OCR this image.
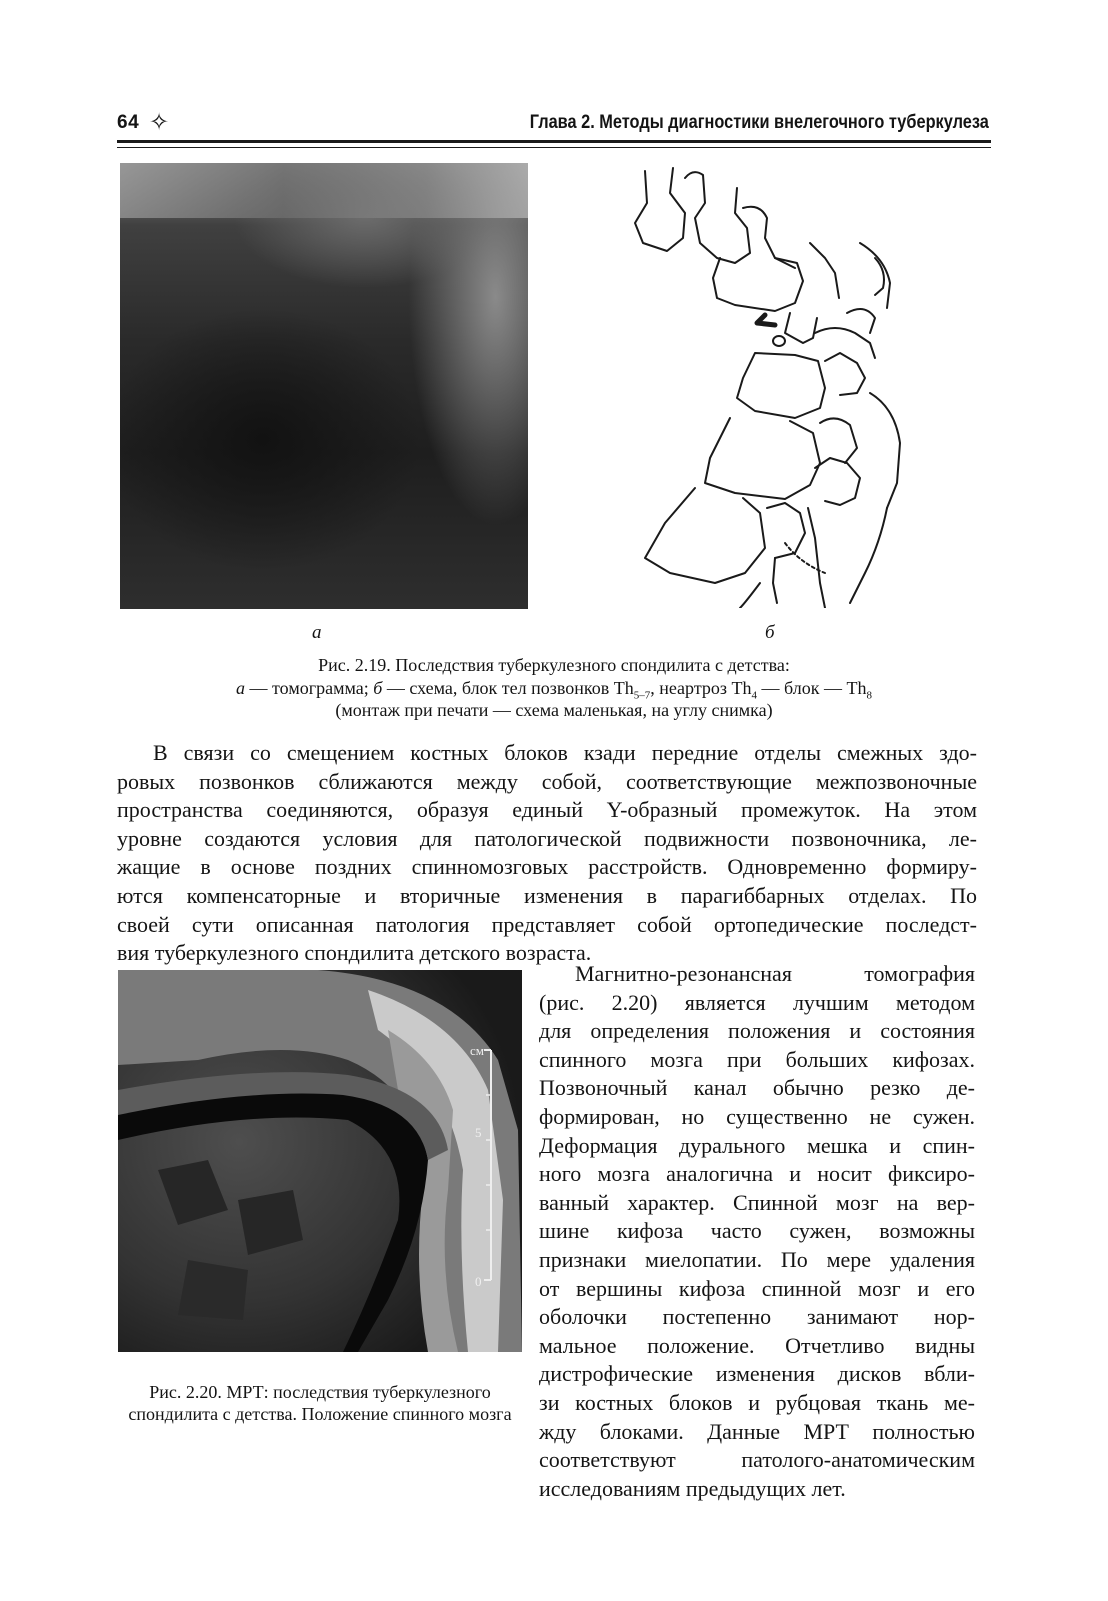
64 ✧	Глава 2. Методы диагностики внелегочного туберкулеза
а	б
Рис. 2.19. Последствия туберкулезного спондилита с детства:
а — томограмма; б — схема, блок тел позвонков $Th_{5-7}$, неартроз $Th_4$ — блок — $Th_8$
(монтаж при печати — схема маленькая, на углу снимка)
В связи со смещением костных блоков кзади передние отделы смежных здо-
ровых позвонков сближаются между собой, соответствующие межпозвоночные
пространства соединяются, образуя единый Y-образный промежуток. На этом
уровне создаются условия для патологической подвижности позвоночника, ле-
жащие в основе поздних спинномозговых расстройств. Одновременно формиру-
ются компенсаторные и вторичные изменения в парагиббарных отделах. По
своей сути описанная патология представляет собой ортопедические последст-
вия туберкулезного спондилита детского возраста.
см
5
0
Рис. 2.20. МРТ: последствия туберкулезного спондилита с детства. Положение спинного мозга
Магнитно-резонансная томография
(рис. 2.20) является лучшим методом
для определения положения и состояния
спинного мозга при больших кифозах.
Позвоночный канал обычно резко де-
формирован, но существенно не сужен.
Деформация дурального мешка и спин-
ного мозга аналогична и носит фиксиро-
ванный характер. Спинной мозг на вер-
шине кифоза часто сужен, возможны
признаки миелопатии. По мере удаления
от вершины кифоза спинной мозг и его
оболочки постепенно занимают нор-
мальное положение. Отчетливо видны
дистрофические изменения дисков вбли-
зи костных блоков и рубцовая ткань ме-
жду блоками. Данные МРТ полностью
соответствуют патолого-анатомическим
исследованиям предыдущих лет.
